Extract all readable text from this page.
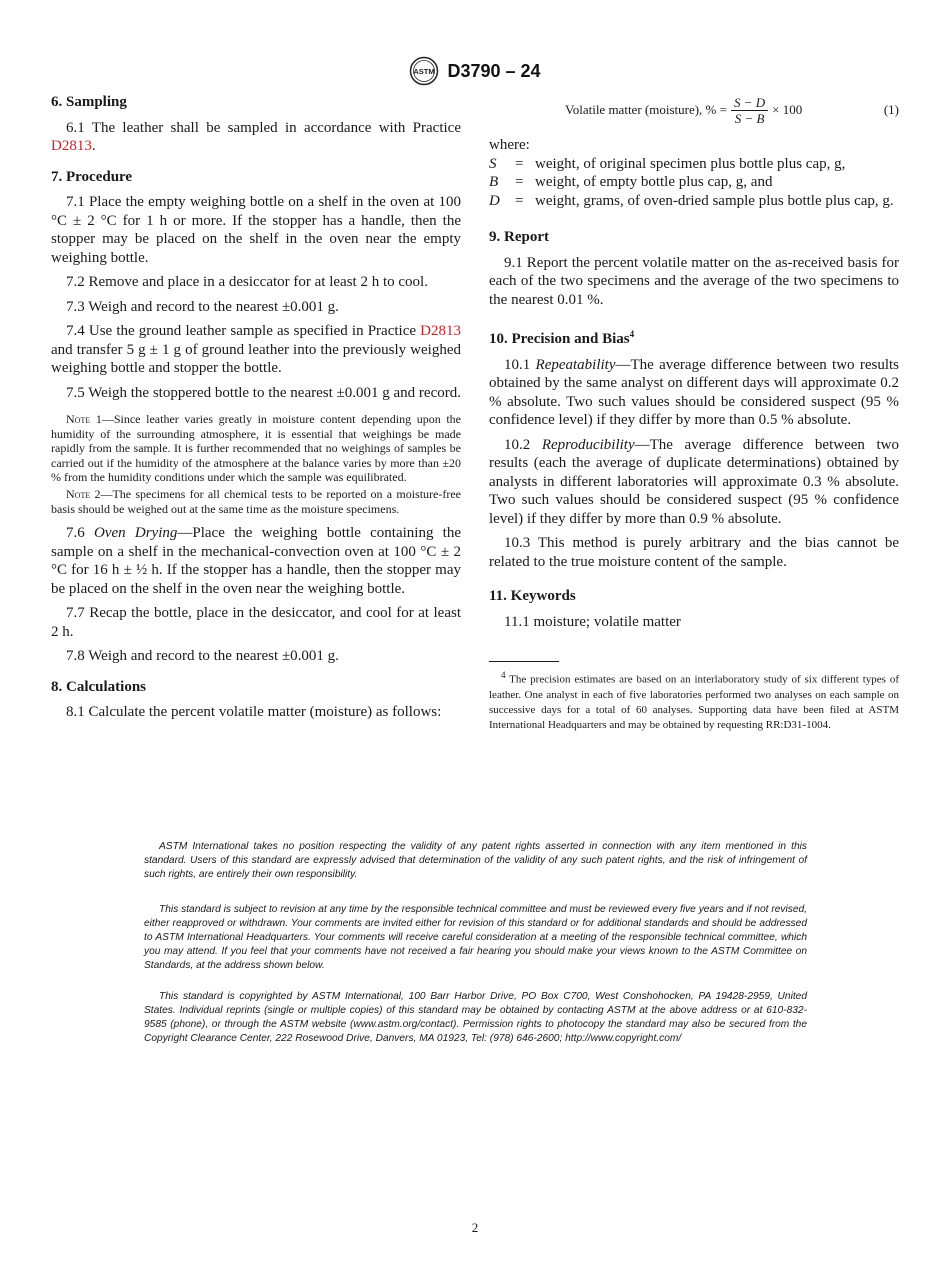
ASTM D3790 – 24
6. Sampling

6.1 The leather shall be sampled in accordance with Practice D2813.

7. Procedure

7.1 Place the empty weighing bottle on a shelf in the oven at 100 °C ± 2 °C for 1 h or more. If the stopper has a handle, then the stopper may be placed on the shelf in the oven near the empty weighing bottle.

7.2 Remove and place in a desiccator for at least 2 h to cool.

7.3 Weigh and record to the nearest ±0.001 g.

7.4 Use the ground leather sample as specified in Practice D2813 and transfer 5 g ± 1 g of ground leather into the previously weighed weighing bottle and stopper the bottle.

7.5 Weigh the stoppered bottle to the nearest ±0.001 g and record.

Note 1—Since leather varies greatly in moisture content depending upon the humidity of the surrounding atmosphere, it is essential that weighings be made rapidly from the sample. It is further recommended that no weighings of samples be carried out if the humidity of the atmosphere at the balance varies by more than ±20 % from the humidity conditions under which the sample was equilibrated.

Note 2—The specimens for all chemical tests to be reported on a moisture-free basis should be weighed out at the same time as the moisture specimens.

7.6 Oven Drying—Place the weighing bottle containing the sample on a shelf in the mechanical-convection oven at 100 °C ± 2 °C for 16 h ± ½ h. If the stopper has a handle, then the stopper may be placed on the shelf in the oven near the weighing bottle.

7.7 Recap the bottle, place in the desiccator, and cool for at least 2 h.

7.8 Weigh and record to the nearest ±0.001 g.

8. Calculations

8.1 Calculate the percent volatile matter (moisture) as follows:

Volatile matter (moisture), % = $\frac{S - D}{S - B} \times 100$	(1)

where:

S	=	weight, of original specimen plus bottle plus cap, g,
B	=	weight, of empty bottle plus cap, g, and
D	=	weight, grams, of oven-dried sample plus bottle plus cap, g.
9. Report

9.1 Report the percent volatile matter on the as-received basis for each of the two specimens and the average of the two specimens to the nearest 0.01 %.

10. Precision and Bias$^4$

10.1 Repeatability—The average difference between two results obtained by the same analyst on different days will approximate 0.2 % absolute. Two such values should be considered suspect (95 % confidence level) if they differ by more than 0.5 % absolute.

10.2 Reproducibility—The average difference between two results (each the average of duplicate determinations) obtained by analysts in different laboratories will approximate 0.3 % absolute. Two such values should be considered suspect (95 % confidence level) if they differ by more than 0.9 % absolute.

10.3 This method is purely arbitrary and the bias cannot be related to the true moisture content of the sample.

11. Keywords

11.1 moisture; volatile matter

$^4$ The precision estimates are based on an interlaboratory study of six different types of leather. One analyst in each of five laboratories performed two analyses on each sample on successive days for a total of 60 analyses. Supporting data have been filed at ASTM International Headquarters and may be obtained by requesting RR:D31-1004.

ASTM International takes no position respecting the validity of any patent rights asserted in connection with any item mentioned in this standard. Users of this standard are expressly advised that determination of the validity of any such patent rights, and the risk of infringement of such rights, are entirely their own responsibility.

This standard is subject to revision at any time by the responsible technical committee and must be reviewed every five years and if not revised, either reapproved or withdrawn. Your comments are invited either for revision of this standard or for additional standards and should be addressed to ASTM International Headquarters. Your comments will receive careful consideration at a meeting of the responsible technical committee, which you may attend. If you feel that your comments have not received a fair hearing you should make your views known to the ASTM Committee on Standards, at the address shown below.

This standard is copyrighted by ASTM International, 100 Barr Harbor Drive, PO Box C700, West Conshohocken, PA 19428-2959, United States. Individual reprints (single or multiple copies) of this standard may be obtained by contacting ASTM at the above address or at 610-832-9585 (phone), or through the ASTM website (www.astm.org/contact). Permission rights to photocopy the standard may also be secured from the Copyright Clearance Center, 222 Rosewood Drive, Danvers, MA 01923, Tel: (978) 646-2600; http://www.copyright.com/

2
